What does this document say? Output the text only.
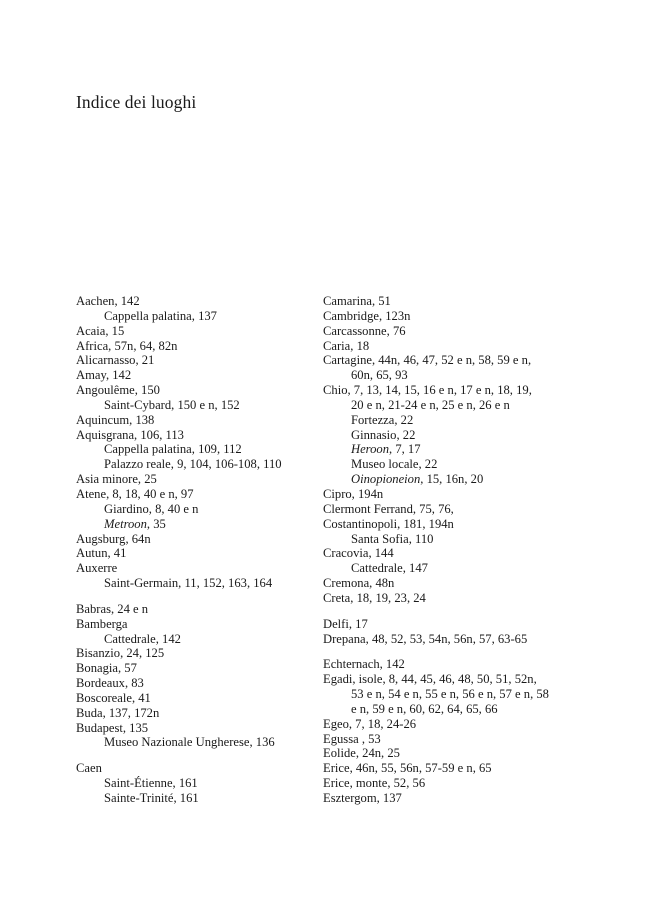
Indice dei luoghi
Aachen, 142
Cappella palatina, 137
Acaia, 15
Africa, 57n, 64, 82n
Alicarnasso, 21
Amay, 142
Angoulême, 150
Saint-Cybard, 150 e n, 152
Aquincum, 138
Aquisgrana, 106, 113
Cappella palatina, 109, 112
Palazzo reale, 9, 104, 106-108, 110
Asia minore, 25
Atene, 8, 18, 40 e n, 97
Giardino, 8, 40 e n
Metroon, 35
Augsburg, 64n
Autun, 41
Auxerre
Saint-Germain, 11, 152, 163, 164
Babras, 24 e n
Bamberga
Cattedrale, 142
Bisanzio, 24, 125
Bonagia, 57
Bordeaux, 83
Boscoreale, 41
Buda, 137, 172n
Budapest, 135
Museo Nazionale Ungherese, 136
Caen
Saint-Étienne, 161
Sainte-Trinité, 161
Camarina, 51
Cambridge, 123n
Carcassonne, 76
Caria, 18
Cartagine, 44n, 46, 47, 52 e n, 58, 59 e n,
60n, 65, 93
Chio, 7, 13, 14, 15, 16 e n, 17 e n, 18, 19,
20 e n, 21-24 e n, 25 e n, 26 e n
Fortezza, 22
Ginnasio, 22
Heroon, 7, 17
Museo locale, 22
Oinopioneion, 15, 16n, 20
Cipro, 194n
Clermont Ferrand, 75, 76,
Costantinopoli, 181, 194n
Santa Sofia, 110
Cracovia, 144
Cattedrale, 147
Cremona, 48n
Creta, 18, 19, 23, 24
Delfi, 17
Drepana, 48, 52, 53, 54n, 56n, 57, 63-65
Echternach, 142
Egadi, isole, 8, 44, 45, 46, 48, 50, 51, 52n,
53 e n, 54 e n, 55 e n, 56 e n, 57 e n, 58
e n, 59 e n, 60, 62, 64, 65, 66
Egeo, 7, 18, 24-26
Egussa , 53
Eolide, 24n, 25
Erice, 46n, 55, 56n, 57-59 e n, 65
Erice, monte, 52, 56
Esztergom, 137
